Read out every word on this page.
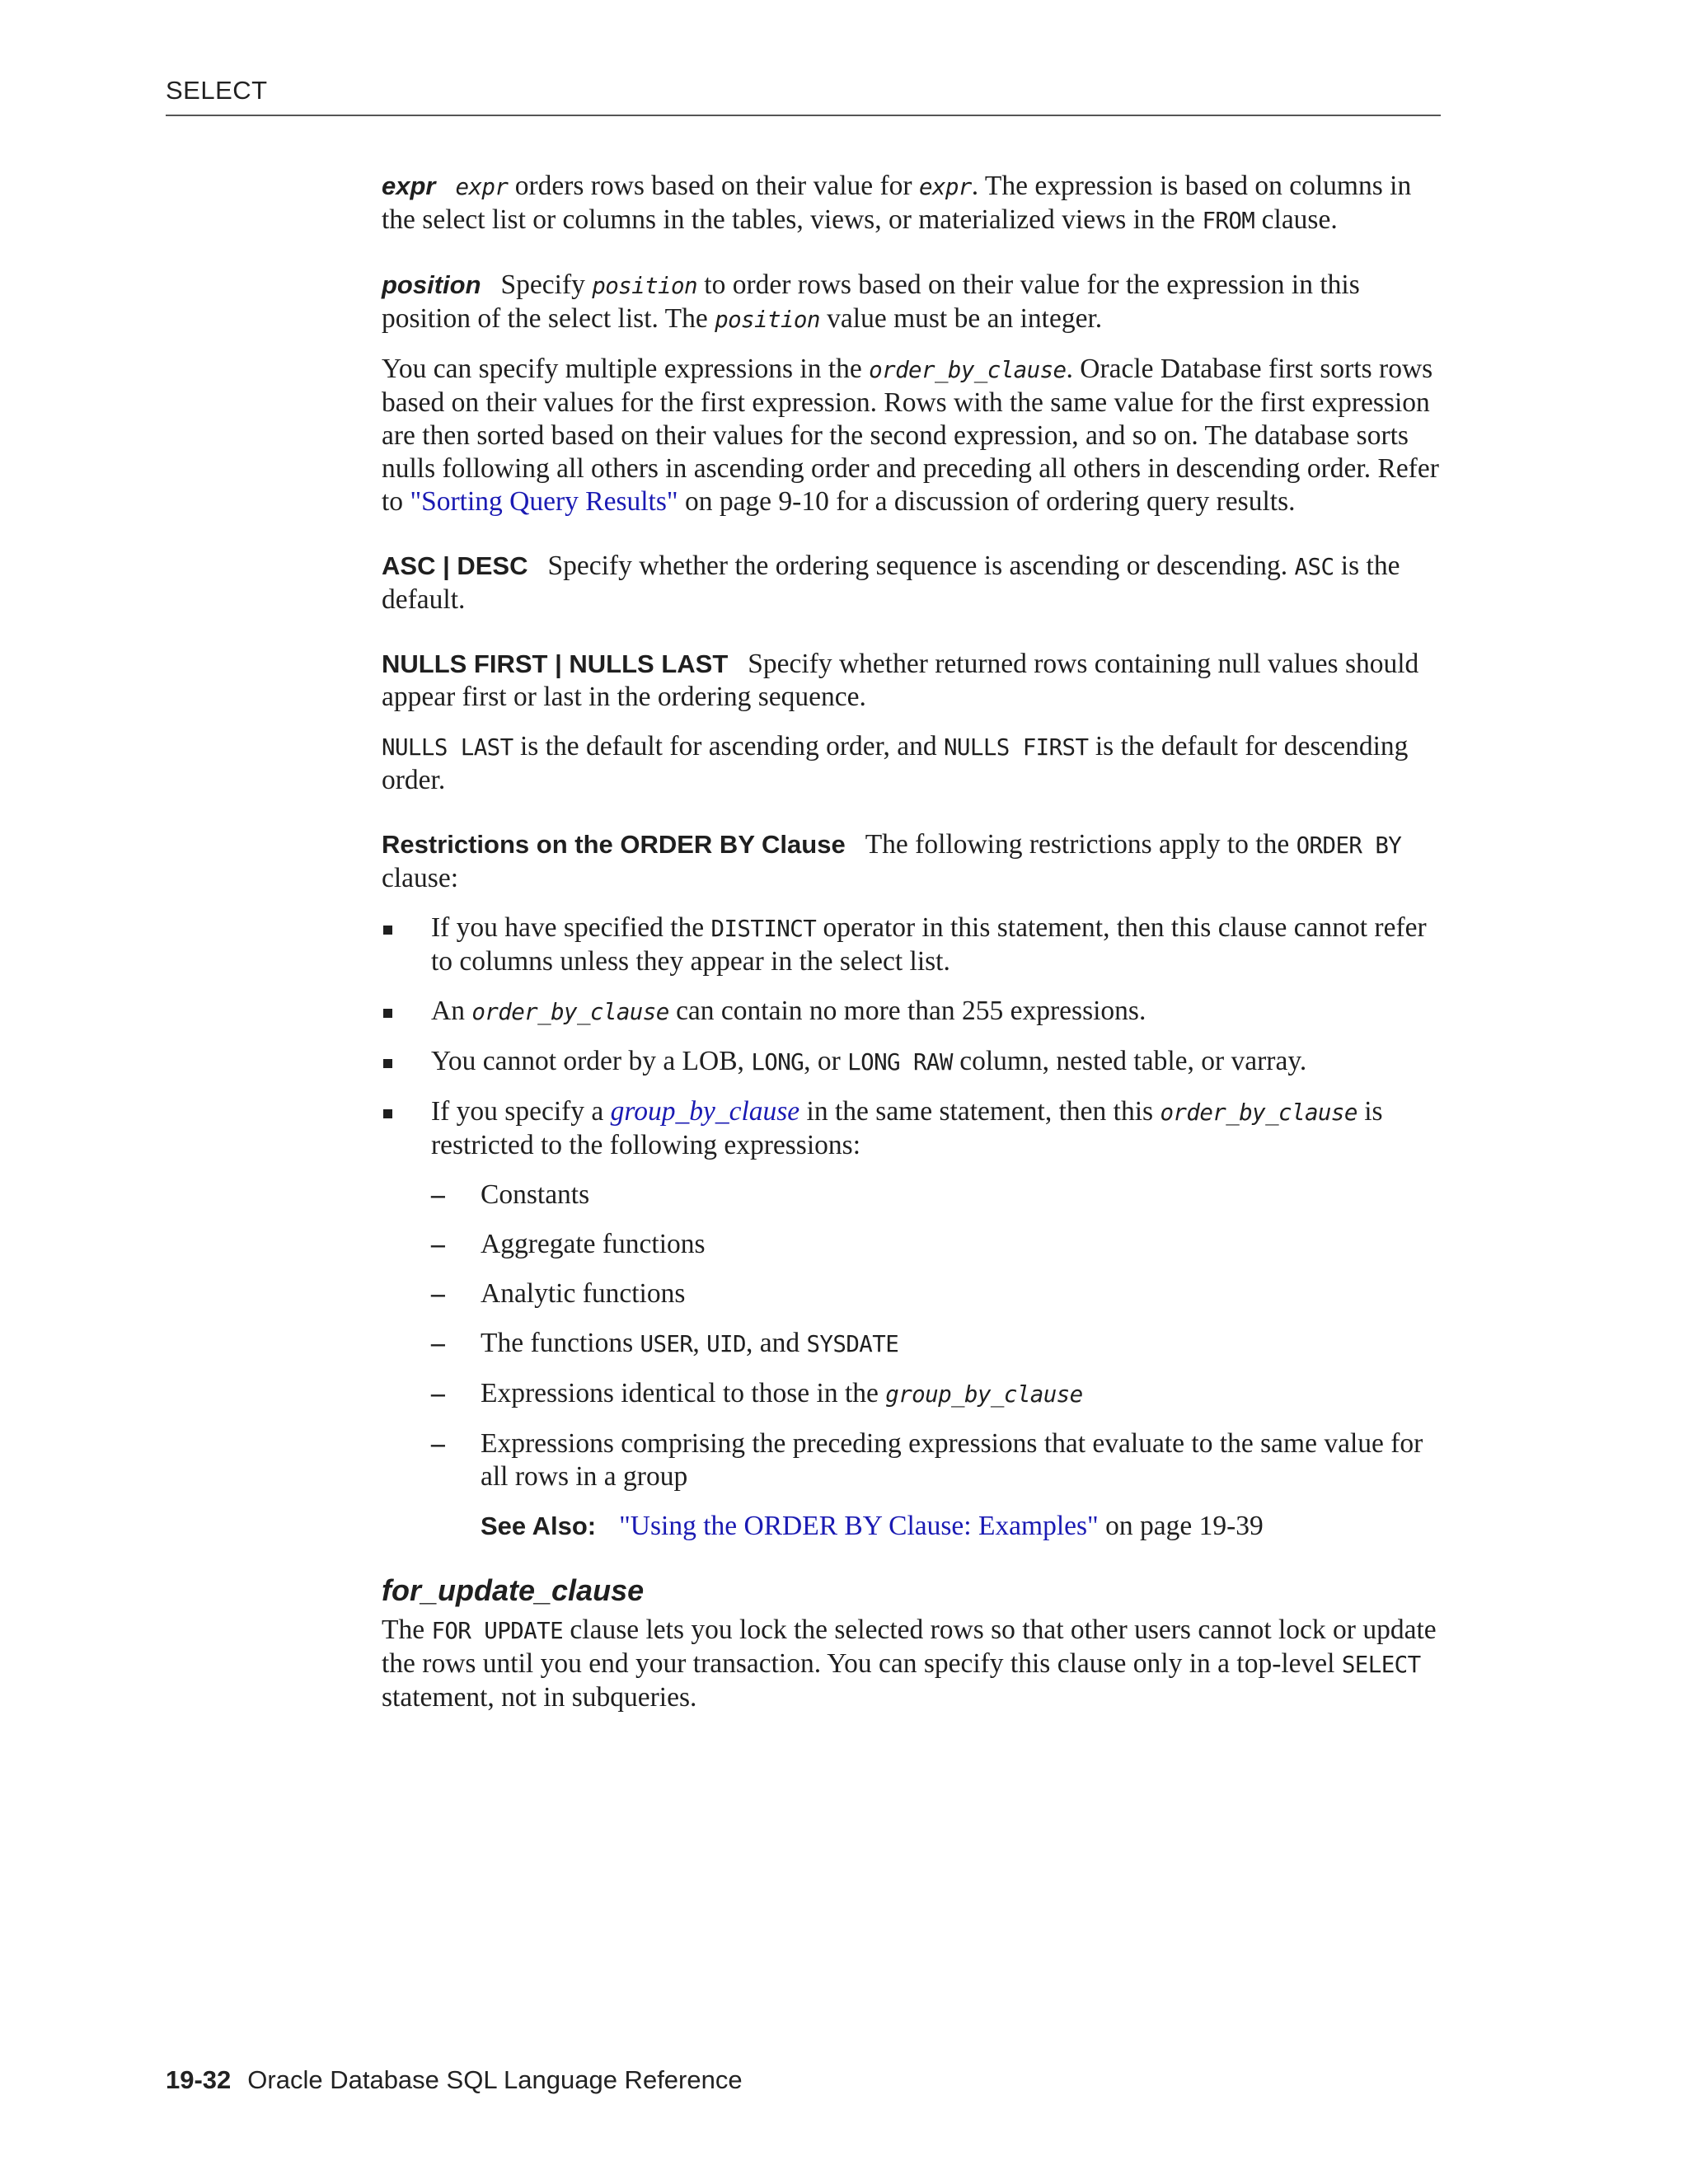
SELECT

expr expr orders rows based on their value for expr. The expression is based on columns in the select list or columns in the tables, views, or materialized views in the FROM clause.

position Specify position to order rows based on their value for the expression in this position of the select list. The position value must be an integer.

You can specify multiple expressions in the order_by_clause. Oracle Database first sorts rows based on their values for the first expression. Rows with the same value for the first expression are then sorted based on their values for the second expression, and so on. The database sorts nulls following all others in ascending order and preceding all others in descending order. Refer to "Sorting Query Results" on page 9-10 for a discussion of ordering query results.

ASC | DESC Specify whether the ordering sequence is ascending or descending. ASC is the default.

NULLS FIRST | NULLS LAST Specify whether returned rows containing null values should appear first or last in the ordering sequence.

NULLS LAST is the default for ascending order, and NULLS FIRST is the default for descending order.

Restrictions on the ORDER BY Clause The following restrictions apply to the ORDER BY clause:

If you have specified the DISTINCT operator in this statement, then this clause cannot refer to columns unless they appear in the select list.
An order_by_clause can contain no more than 255 expressions.
You cannot order by a LOB, LONG, or LONG RAW column, nested table, or varray.
If you specify a group_by_clause in the same statement, then this order_by_clause is restricted to the following expressions:
– Constants
– Aggregate functions
– Analytic functions
– The functions USER, UID, and SYSDATE
– Expressions identical to those in the group_by_clause
– Expressions comprising the preceding expressions that evaluate to the same value for all rows in a group

See Also: "Using the ORDER BY Clause: Examples" on page 19-39

for_update_clause

The FOR UPDATE clause lets you lock the selected rows so that other users cannot lock or update the rows until you end your transaction. You can specify this clause only in a top-level SELECT statement, not in subqueries.

19-32 Oracle Database SQL Language Reference
